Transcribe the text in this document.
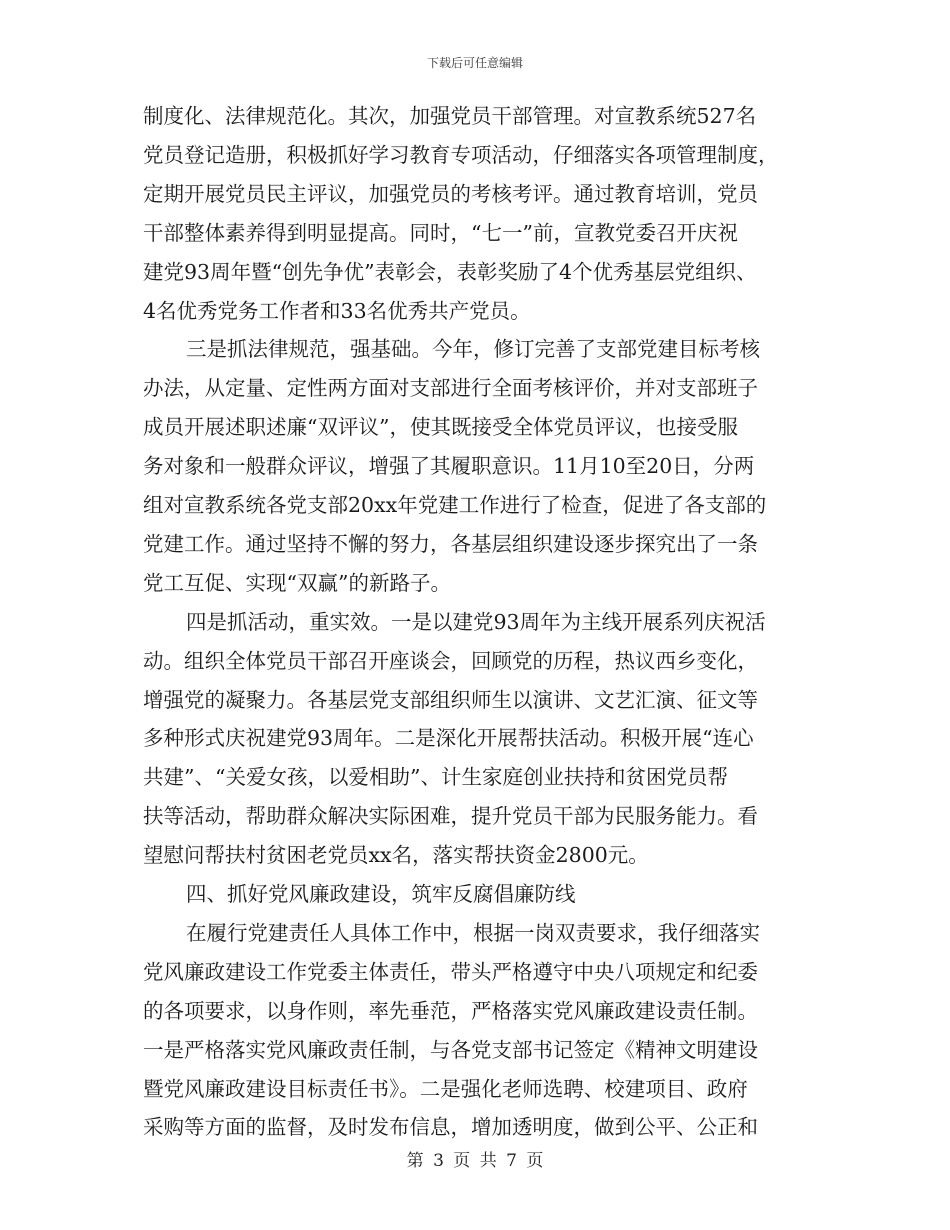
下载后可任意编辑
制度化、法律规范化。其次，加强党员干部管理。对宣教系统527名
党员登记造册，积极抓好学习教育专项活动，仔细落实各项管理制度，
定期开展党员民主评议，加强党员的考核考评。通过教育培训，党员
干部整体素养得到明显提高。同时，“七一”前，宣教党委召开庆祝
建党93周年暨“创先争优”表彰会，表彰奖励了4个优秀基层党组织、
4名优秀党务工作者和33名优秀共产党员。
三是抓法律规范，强基础。今年，修订完善了支部党建目标考核
办法，从定量、定性两方面对支部进行全面考核评价，并对支部班子
成员开展述职述廉“双评议”，使其既接受全体党员评议，也接受服
务对象和一般群众评议，增强了其履职意识。11月10至20日，分两
组对宣教系统各党支部20xx年党建工作进行了检查，促进了各支部的
党建工作。通过坚持不懈的努力，各基层组织建设逐步探究出了一条
党工互促、实现“双赢”的新路子。
四是抓活动，重实效。一是以建党93周年为主线开展系列庆祝活
动。组织全体党员干部召开座谈会，回顾党的历程，热议西乡变化，
增强党的凝聚力。各基层党支部组织师生以演讲、文艺汇演、征文等
多种形式庆祝建党93周年。二是深化开展帮扶活动。积极开展“连心
共建”、“关爱女孩，以爱相助”、计生家庭创业扶持和贫困党员帮
扶等活动，帮助群众解决实际困难，提升党员干部为民服务能力。看
望慰问帮扶村贫困老党员xx名，落实帮扶资金2800元。
四、抓好党风廉政建设，筑牢反腐倡廉防线
在履行党建责任人具体工作中，根据一岗双责要求，我仔细落实
党风廉政建设工作党委主体责任，带头严格遵守中央八项规定和纪委
的各项要求，以身作则，率先垂范，严格落实党风廉政建设责任制。
一是严格落实党风廉政责任制，与各党支部书记签定《精神文明建设
暨党风廉政建设目标责任书》。二是强化老师选聘、校建项目、政府
采购等方面的监督，及时发布信息，增加透明度，做到公平、公正和
第 3 页 共 7 页
